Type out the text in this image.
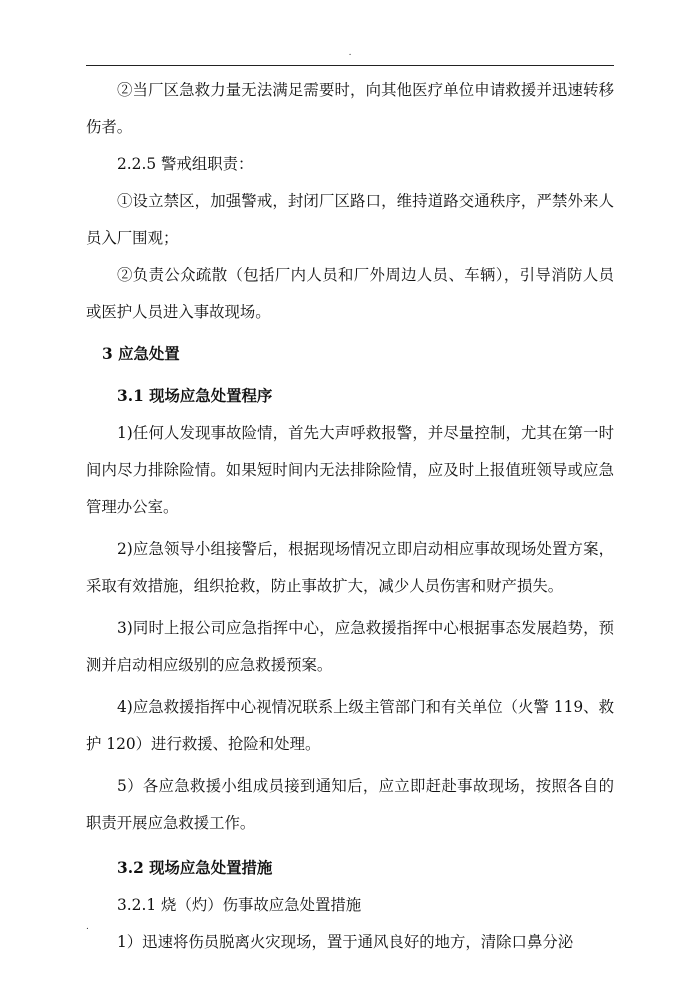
.

②当厂区急救力量无法满足需要时，向其他医疗单位申请救援并迅速转移伤者。

2.2.5 警戒组职责：

①设立禁区，加强警戒，封闭厂区路口，维持道路交通秩序，严禁外来人员入厂围观；

②负责公众疏散（包括厂内人员和厂外周边人员、车辆），引导消防人员或医护人员进入事故现场。

3 应急处置

3.1 现场应急处置程序

1)任何人发现事故险情，首先大声呼救报警，并尽量控制，尤其在第一时间内尽力排除险情。如果短时间内无法排除险情，应及时上报值班领导或应急管理办公室。

2)应急领导小组接警后，根据现场情况立即启动相应事故现场处置方案，采取有效措施，组织抢救，防止事故扩大，减少人员伤害和财产损失。

3)同时上报公司应急指挥中心，应急救援指挥中心根据事态发展趋势，预测并启动相应级别的应急救援预案。

4)应急救援指挥中心视情况联系上级主管部门和有关单位（火警 119、救护 120）进行救援、抢险和处理。

5）各应急救援小组成员接到通知后，应立即赶赴事故现场，按照各自的职责开展应急救援工作。

3.2 现场应急处置措施

3.2.1 烧（灼）伤事故应急处置措施

1）迅速将伤员脱离火灾现场，置于通风良好的地方，清除口鼻分泌

.
